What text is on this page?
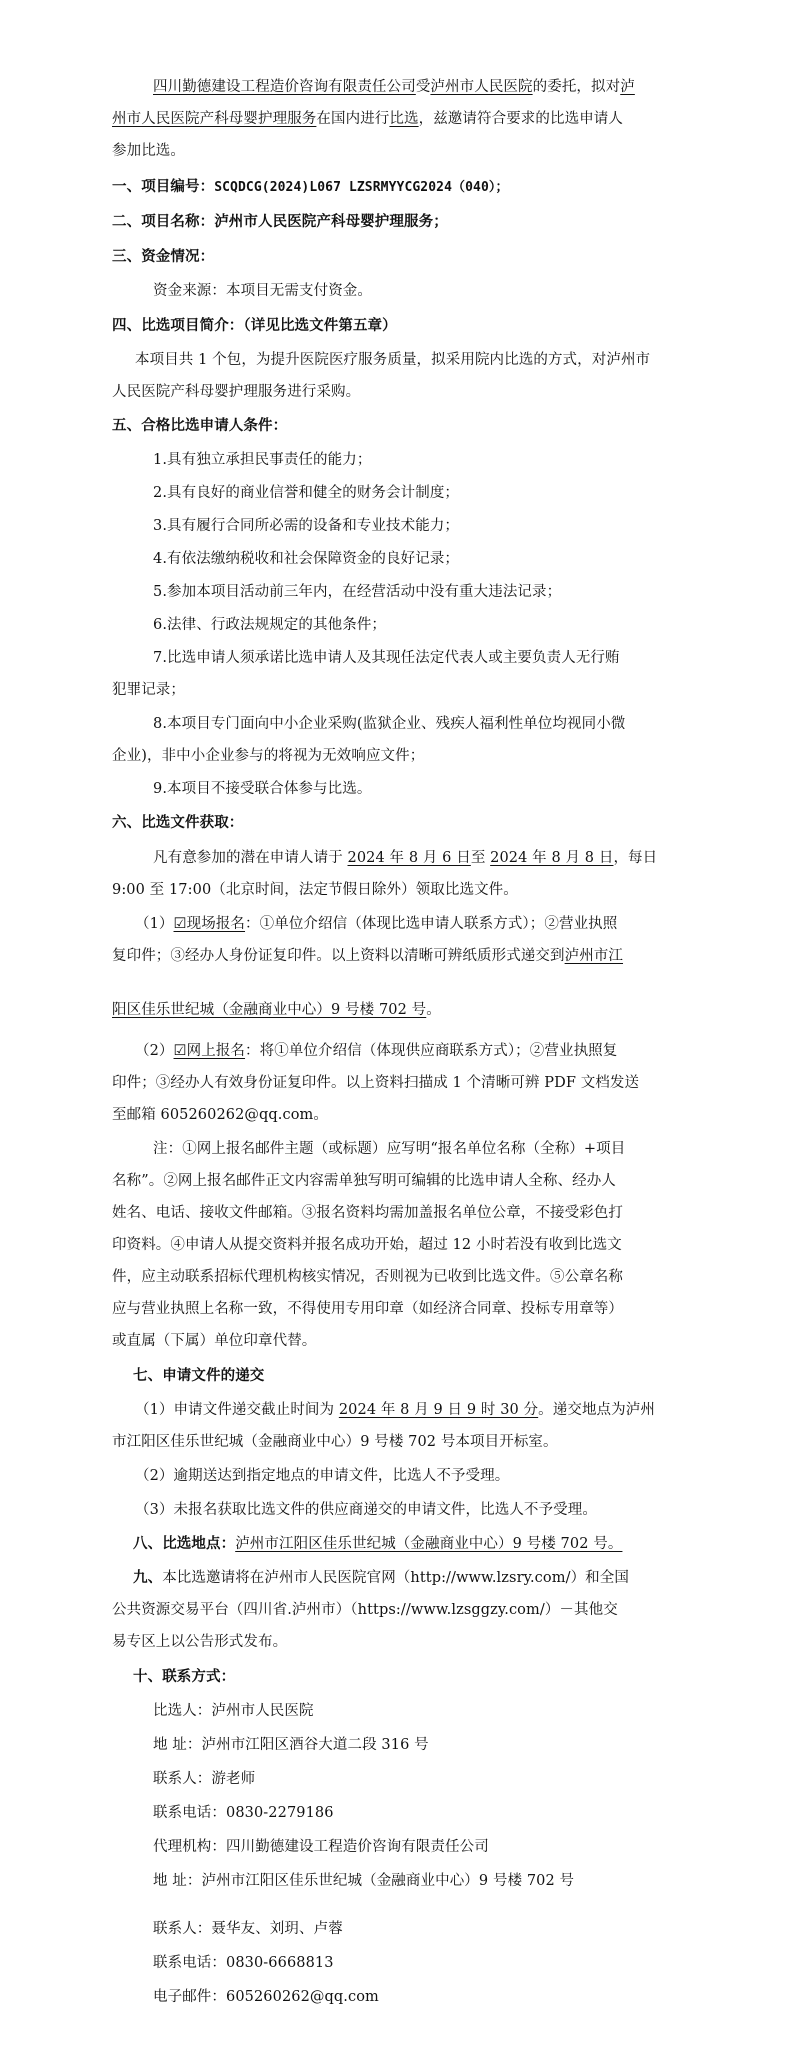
四川勤德建设工程造价咨询有限责任公司受泸州市人民医院的委托，拟对泸
州市人民医院产科母婴护理服务在国内进行比选，兹邀请符合要求的比选申请人
参加比选。
一、项目编号：SCQDCG(2024)L067 LZSRMYYCG2024（040）；
二、项目名称：泸州市人民医院产科母婴护理服务；
三、资金情况：
资金来源：本项目无需支付资金。
四、比选项目简介：（详见比选文件第五章）
本项目共 1 个包，为提升医院医疗服务质量，拟采用院内比选的方式，对泸州市
人民医院产科母婴护理服务进行采购。
五、合格比选申请人条件：
1.具有独立承担民事责任的能力；
2.具有良好的商业信誉和健全的财务会计制度；
3.具有履行合同所必需的设备和专业技术能力；
4.有依法缴纳税收和社会保障资金的良好记录；
5.参加本项目活动前三年内，在经营活动中没有重大违法记录；
6.法律、行政法规规定的其他条件；
7.比选申请人须承诺比选申请人及其现任法定代表人或主要负责人无行贿
犯罪记录；
8.本项目专门面向中小企业采购(监狱企业、残疾人福利性单位均视同小微
企业)，非中小企业参与的将视为无效响应文件；
9.本项目不接受联合体参与比选。
六、比选文件获取：
凡有意参加的潜在申请人请于 2024 年 8 月 6 日至 2024 年 8 月 8 日，每日
9:00 至 17:00（北京时间，法定节假日除外）领取比选文件。
（1）☑现场报名：①单位介绍信（体现比选申请人联系方式）；②营业执照
复印件；③经办人身份证复印件。以上资料以清晰可辨纸质形式递交到泸州市江
阳区佳乐世纪城（金融商业中心）9 号楼 702 号。
（2）☑网上报名：将①单位介绍信（体现供应商联系方式）；②营业执照复
印件；③经办人有效身份证复印件。以上资料扫描成 1 个清晰可辨 PDF 文档发送
至邮箱 605260262@qq.com。
注：①网上报名邮件主题（或标题）应写明“报名单位名称（全称）+项目
名称”。②网上报名邮件正文内容需单独写明可编辑的比选申请人全称、经办人
姓名、电话、接收文件邮箱。③报名资料均需加盖报名单位公章，不接受彩色打
印资料。④申请人从提交资料并报名成功开始，超过 12 小时若没有收到比选文
件，应主动联系招标代理机构核实情况，否则视为已收到比选文件。⑤公章名称
应与营业执照上名称一致，不得使用专用印章（如经济合同章、投标专用章等）
或直属（下属）单位印章代替。
七、申请文件的递交
（1）申请文件递交截止时间为 2024 年 8 月 9 日 9 时 30 分。递交地点为泸州
市江阳区佳乐世纪城（金融商业中心）9 号楼 702 号本项目开标室。
（2）逾期送达到指定地点的申请文件，比选人不予受理。
（3）未报名获取比选文件的供应商递交的申请文件，比选人不予受理。
八、比选地点：泸州市江阳区佳乐世纪城（金融商业中心）9 号楼 702 号。
九、本比选邀请将在泸州市人民医院官网（http://www.lzsry.com/）和全国
公共资源交易平台（四川省.泸州市）（https://www.lzsggzy.com/）－其他交
易专区上以公告形式发布。
十、联系方式：
比选人：泸州市人民医院
地 址：泸州市江阳区酒谷大道二段 316 号
联系人：游老师
联系电话：0830-2279186
代理机构：四川勤德建设工程造价咨询有限责任公司
地 址：泸州市江阳区佳乐世纪城（金融商业中心）9 号楼 702 号
联系人：聂华友、刘玥、卢蓉
联系电话：0830-6668813
电子邮件：605260262@qq.com
